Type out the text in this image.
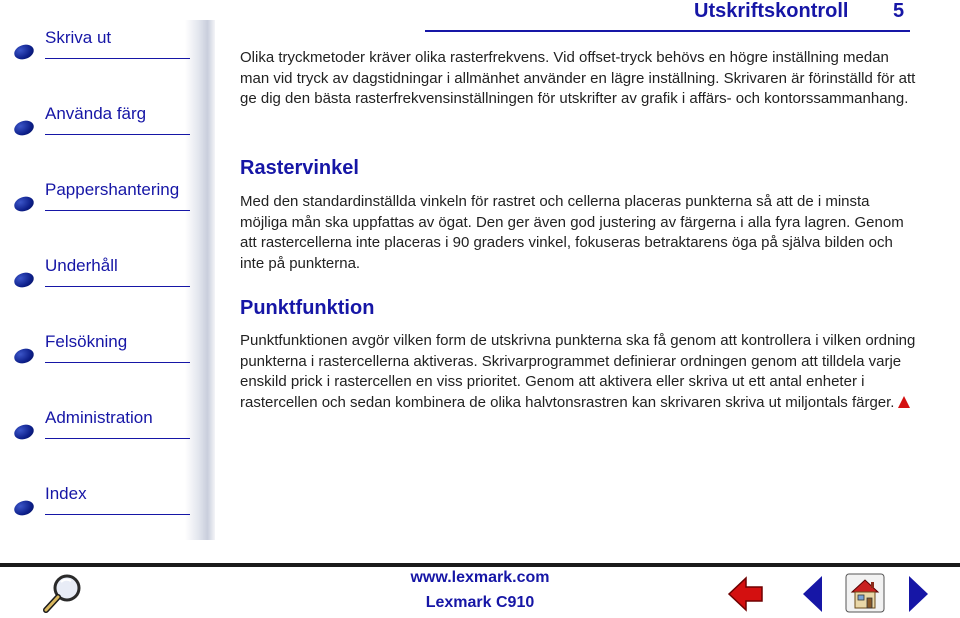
Utskriftskontroll 5
Skriva ut
Använda färg
Pappershantering
Underhåll
Felsökning
Administration
Index

Olika tryckmetoder kräver olika rasterfrekvens. Vid offset-tryck behövs en högre inställning medan man vid tryck av dagstidningar i allmänhet använder en lägre inställning. Skrivaren är förinställd för att ge dig den bästa rasterfrekvensinställningen för utskrifter av grafik i affärs- och kontorssammanhang.

Rastervinkel

Med den standardinställda vinkeln för rastret och cellerna placeras punkterna så att de i minsta möjliga mån ska uppfattas av ögat. Den ger även god justering av färgerna i alla fyra lagren. Genom att rastercellerna inte placeras i 90 graders vinkel, fokuseras betraktarens öga på själva bilden och inte på punkterna.

Punktfunktion

Punktfunktionen avgör vilken form de utskrivna punkterna ska få genom att kontrollera i vilken ordning punkterna i rastercellerna aktiveras. Skrivarprogrammet definierar ordningen genom att tilldela varje enskild prick i rastercellen en viss prioritet. Genom att aktivera eller skriva ut ett antal enheter i rastercellen och sedan kombinera de olika halvtonsrastren kan skrivaren skriva ut miljontals färger.

www.lexmark.com
Lexmark C910
